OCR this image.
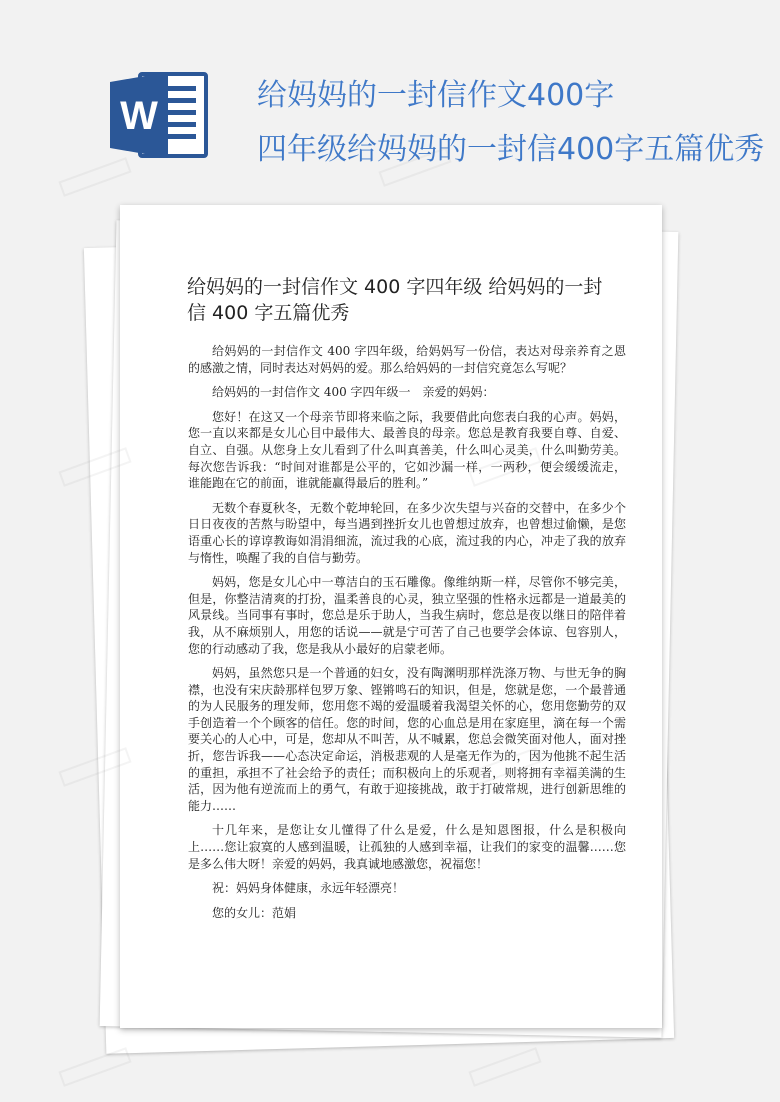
W	给妈妈的一封信作文400字
四年级给妈妈的一封信400字五篇优秀
给妈妈的一封信作文 400 字四年级 给妈妈的一封信 400 字五篇优秀

给妈妈的一封信作文 400 字四年级，给妈妈写一份信，表达对母亲养育之恩的感激之情，同时表达对妈妈的爱。那么给妈妈的一封信究竟怎么写呢？

给妈妈的一封信作文 400 字四年级一　亲爱的妈妈：

您好！在这又一个母亲节即将来临之际，我要借此向您表白我的心声。妈妈，您一直以来都是女儿心目中最伟大、最善良的母亲。您总是教育我要自尊、自爱、自立、自强。从您身上女儿看到了什么叫真善美，什么叫心灵美，什么叫勤劳美。每次您告诉我：“时间对谁都是公平的，它如沙漏一样，一两秒，便会缓缓流走，谁能跑在它的前面，谁就能赢得最后的胜利。”

无数个春夏秋冬，无数个乾坤轮回，在多少次失望与兴奋的交替中，在多少个日日夜夜的苦熬与盼望中，每当遇到挫折女儿也曾想过放弃，也曾想过偷懒，是您语重心长的谆谆教诲如涓涓细流，流过我的心底，流过我的内心，冲走了我的放弃与惰性，唤醒了我的自信与勤劳。

妈妈，您是女儿心中一尊洁白的玉石雕像。像维纳斯一样，尽管你不够完美，但是，你整洁清爽的打扮，温柔善良的心灵，独立坚强的性格永远都是一道最美的风景线。当同事有事时，您总是乐于助人，当我生病时，您总是夜以继日的陪伴着我，从不麻烦别人，用您的话说——就是宁可苦了自己也要学会体谅、包容别人，您的行动感动了我，您是我从小最好的启蒙老师。

妈妈，虽然您只是一个普通的妇女，没有陶渊明那样洗涤万物、与世无争的胸襟，也没有宋庆龄那样包罗万象、铿锵鸣石的知识，但是，您就是您，一个最普通的为人民服务的理发师，您用您不竭的爱温暖着我渴望关怀的心，您用您勤劳的双手创造着一个个顾客的信任。您的时间，您的心血总是用在家庭里，滴在每一个需要关心的人心中，可是，您却从不叫苦，从不喊累，您总会微笑面对他人，面对挫折，您告诉我——心态决定命运，消极悲观的人是毫无作为的，因为他挑不起生活的重担，承担不了社会给予的责任；而积极向上的乐观者，则将拥有幸福美满的生活，因为他有逆流而上的勇气，有敢于迎接挑战，敢于打破常规，进行创新思维的能力……

十几年来，是您让女儿懂得了什么是爱，什么是知恩图报，什么是积极向上……您让寂寞的人感到温暖，让孤独的人感到幸福，让我们的家变的温馨……您是多么伟大呀！亲爱的妈妈，我真诚地感激您，祝福您！

祝：妈妈身体健康，永远年轻漂亮！

您的女儿：范娟
